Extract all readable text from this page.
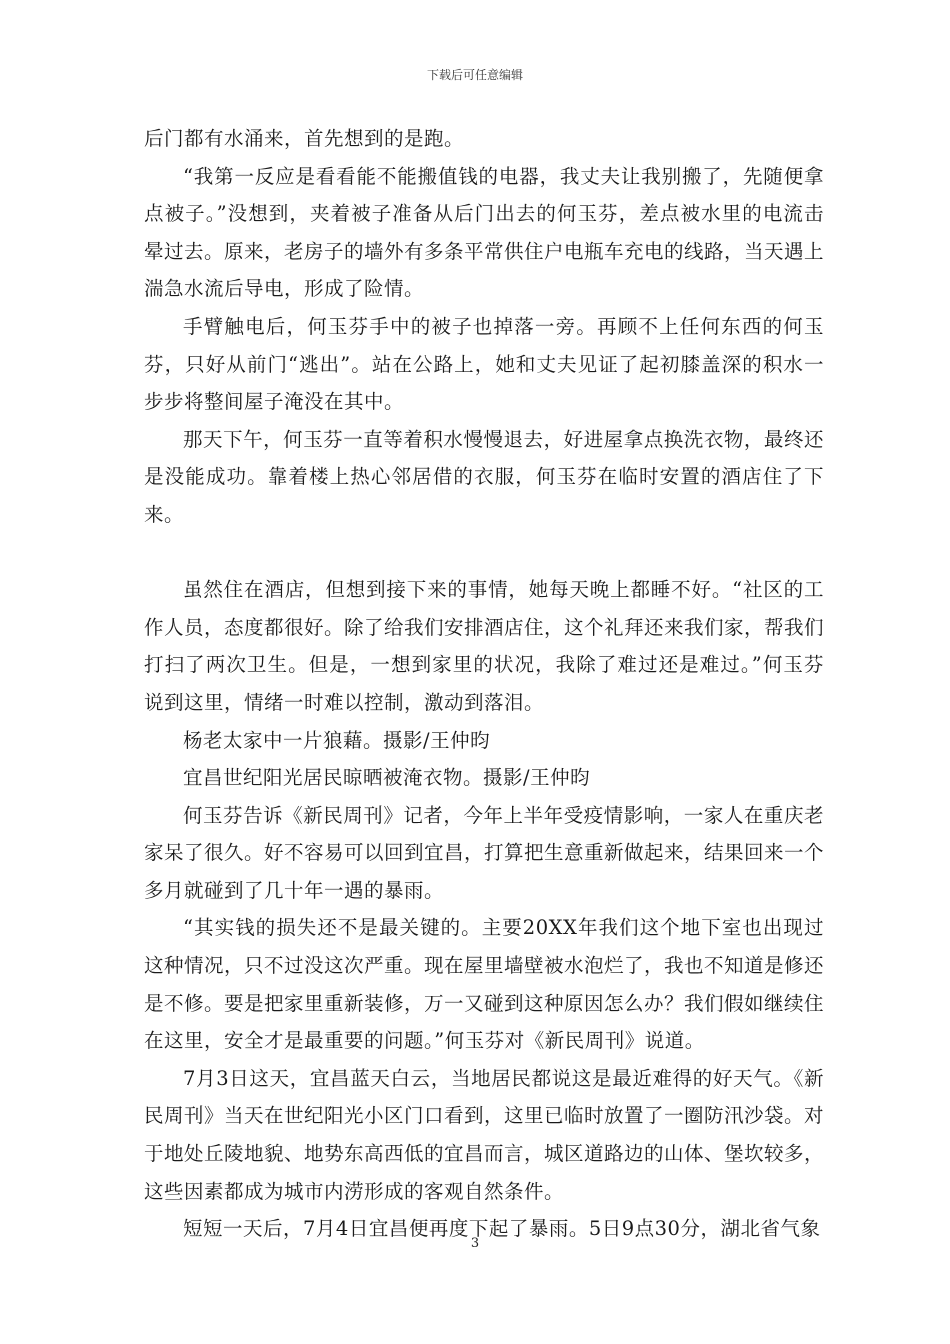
下载后可任意编辑

后门都有水涌来，首先想到的是跑。

“我第一反应是看看能不能搬值钱的电器，我丈夫让我别搬了，先随便拿点被子。”没想到，夹着被子准备从后门出去的何玉芬，差点被水里的电流击晕过去。原来，老房子的墙外有多条平常供住户电瓶车充电的线路，当天遇上湍急水流后导电，形成了险情。

手臂触电后，何玉芬手中的被子也掉落一旁。再顾不上任何东西的何玉芬，只好从前门“逃出”。站在公路上，她和丈夫见证了起初膝盖深的积水一步步将整间屋子淹没在其中。

那天下午，何玉芬一直等着积水慢慢退去，好进屋拿点换洗衣物，最终还是没能成功。靠着楼上热心邻居借的衣服，何玉芬在临时安置的酒店住了下来。

虽然住在酒店，但想到接下来的事情，她每天晚上都睡不好。“社区的工作人员，态度都很好。除了给我们安排酒店住，这个礼拜还来我们家，帮我们打扫了两次卫生。但是，一想到家里的状况，我除了难过还是难过。”何玉芬说到这里，情绪一时难以控制，激动到落泪。

杨老太家中一片狼藉。摄影/王仲昀

宜昌世纪阳光居民晾晒被淹衣物。摄影/王仲昀

何玉芬告诉《新民周刊》记者，今年上半年受疫情影响，一家人在重庆老家呆了很久。好不容易可以回到宜昌，打算把生意重新做起来，结果回来一个多月就碰到了几十年一遇的暴雨。

“其实钱的损失还不是最关键的。主要20XX年我们这个地下室也出现过这种情况，只不过没这次严重。现在屋里墙壁被水泡烂了，我也不知道是修还是不修。要是把家里重新装修，万一又碰到这种原因怎么办？我们假如继续住在这里，安全才是最重要的问题。”何玉芬对《新民周刊》说道。

7月3日这天，宜昌蓝天白云，当地居民都说这是最近难得的好天气。《新民周刊》当天在世纪阳光小区门口看到，这里已临时放置了一圈防汛沙袋。对于地处丘陵地貌、地势东高西低的宜昌而言，城区道路边的山体、堡坎较多，这些因素都成为城市内涝形成的客观自然条件。

短短一天后，7月4日宜昌便再度下起了暴雨。5日9点30分，湖北省气象

3
